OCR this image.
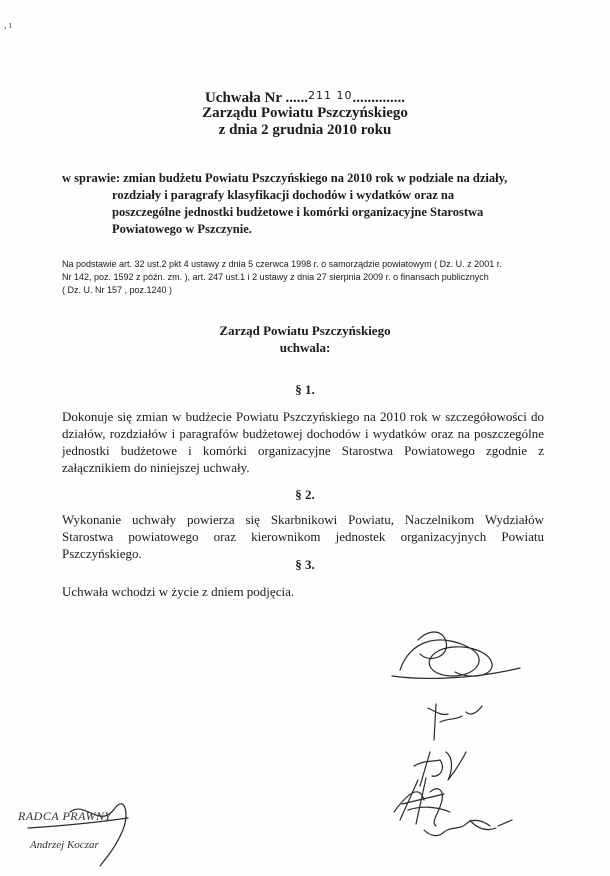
, ı
Uchwała Nr ......$^{211 10}$..............
Zarządu Powiatu Pszczyńskiego
z dnia 2 grudnia 2010 roku
w sprawie: zmian budżetu Powiatu Pszczyńskiego na 2010 rok w podziale na działy,
rozdziały i paragrafy klasyfikacji dochodów i wydatków oraz na
poszczególne jednostki budżetowe i komórki organizacyjne Starostwa
Powiatowego w Pszczynie.
Na podstawie art. 32 ust.2 pkt 4 ustawy z dnia 5 czerwca 1998 r. o samorządzie powiatowym ( Dz. U. z 2001 r.
Nr 142, poz. 1592 z późn. zm. ), art. 247 ust.1 i 2 ustawy z dnia 27 sierpnia 2009 r. o finansach publicznych
( Dz. U. Nr 157 , poz.1240 )
Zarząd Powiatu Pszczyńskiego
uchwala:
§ 1.
Dokonuje się zmian w budżecie Powiatu Pszczyńskiego na 2010 rok w szczegółowości do działów, rozdziałów i paragrafów budżetowej dochodów i wydatków oraz na poszczególne jednostki budżetowe i komórki organizacyjne Starostwa Powiatowego zgodnie z załącznikiem do niniejszej uchwały.
§ 2.
Wykonanie uchwały powierza się Skarbnikowi Powiatu, Naczelnikom Wydziałów Starostwa powiatowego oraz kierownikom jednostek organizacyjnych Powiatu Pszczyńskiego.
§ 3.
Uchwała wchodzi w życie z dniem podjęcia.
RADCA PRAWNY
Andrzej Koczar
